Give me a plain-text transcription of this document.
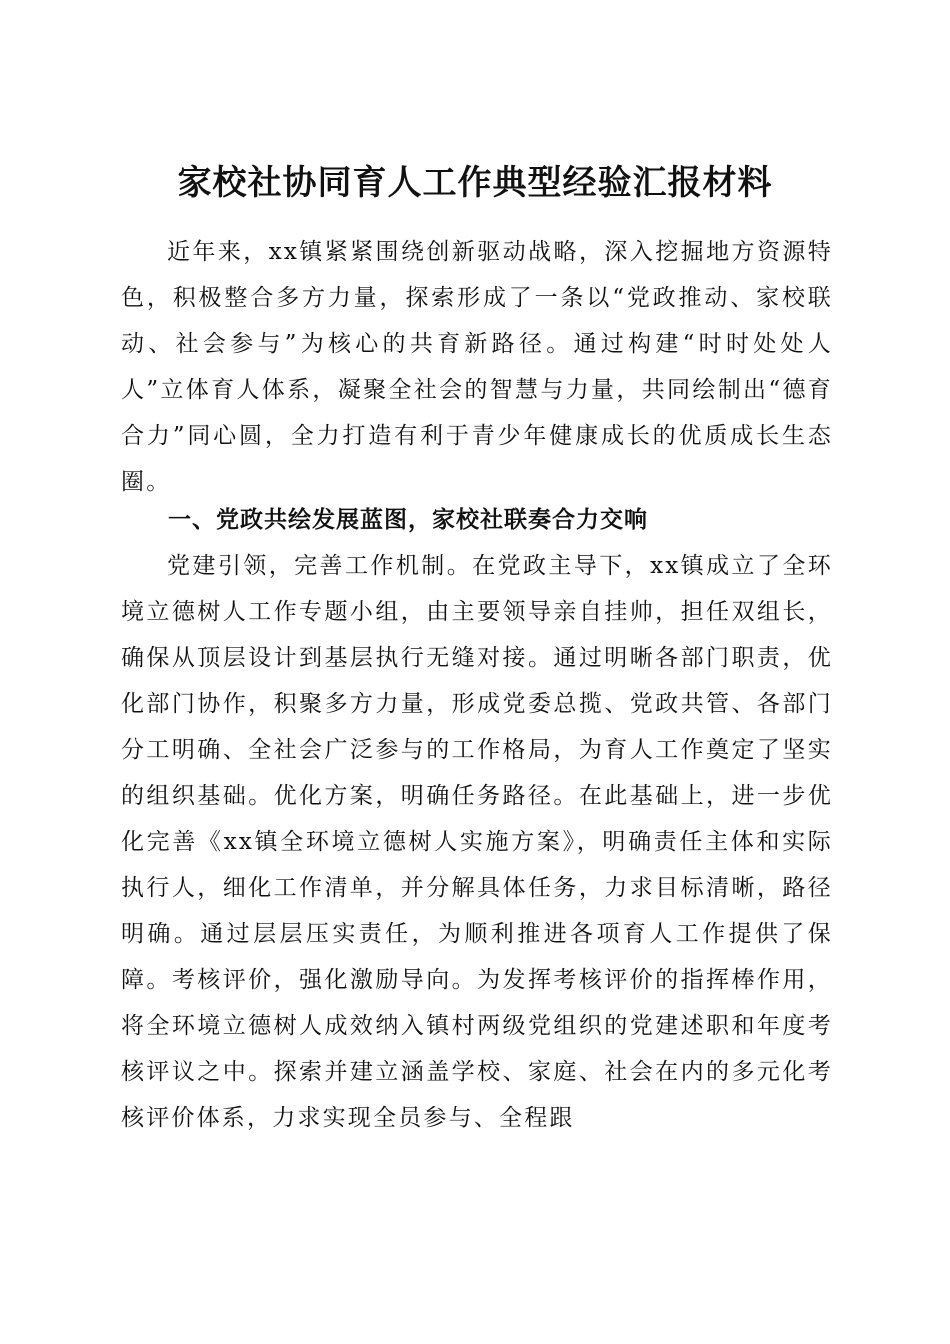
家校社协同育人工作典型经验汇报材料

近年来，xx镇紧紧围绕创新驱动战略，深入挖掘地方资源特色，积极整合多方力量，探索形成了一条以“党政推动、家校联动、社会参与”为核心的共育新路径。通过构建“时时处处人人”立体育人体系，凝聚全社会的智慧与力量，共同绘制出“德育合力”同心圆，全力打造有利于青少年健康成长的优质成长生态圈。

一、党政共绘发展蓝图，家校社联奏合力交响

党建引领，完善工作机制。在党政主导下，xx镇成立了全环境立德树人工作专题小组，由主要领导亲自挂帅，担任双组长，确保从顶层设计到基层执行无缝对接。通过明晰各部门职责，优化部门协作，积聚多方力量，形成党委总揽、党政共管、各部门分工明确、全社会广泛参与的工作格局，为育人工作奠定了坚实的组织基础。优化方案，明确任务路径。在此基础上，进一步优化完善《xx镇全环境立德树人实施方案》，明确责任主体和实际执行人，细化工作清单，并分解具体任务，力求目标清晰，路径明确。通过层层压实责任，为顺利推进各项育人工作提供了保障。考核评价，强化激励导向。为发挥考核评价的指挥棒作用，将全环境立德树人成效纳入镇村两级党组织的党建述职和年度考核评议之中。探索并建立涵盖学校、家庭、社会在内的多元化考核评价体系，力求实现全员参与、全程跟
